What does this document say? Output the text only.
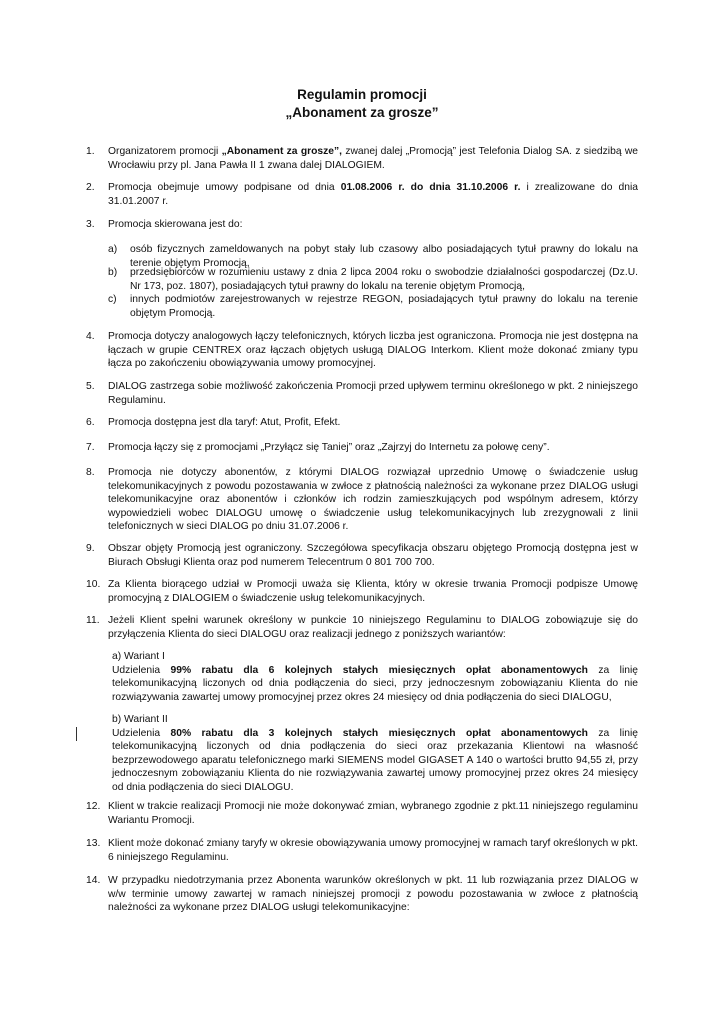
Regulamin promocji
„Abonament za grosze”
1. Organizatorem promocji „Abonament za grosze”, zwanej dalej „Promocją” jest Telefonia Dialog SA. z siedzibą we Wrocławiu przy pl. Jana Pawła II 1 zwana dalej DIALOGIEM.
2. Promocja obejmuje umowy podpisane od dnia 01.08.2006 r. do dnia 31.10.2006 r. i zrealizowane do dnia 31.01.2007 r.
3. Promocja skierowana jest do:
a) osób fizycznych zameldowanych na pobyt stały lub czasowy albo posiadających tytuł prawny do lokalu na terenie objętym Promocją,
b) przedsiębiorców w rozumieniu ustawy z dnia 2 lipca 2004 roku o swobodzie działalności gospodarczej (Dz.U. Nr 173, poz. 1807), posiadających tytuł prawny do lokalu na terenie objętym Promocją,
c) innych podmiotów zarejestrowanych w rejestrze REGON, posiadających tytuł prawny do lokalu na terenie objętym Promocją.
4. Promocja dotyczy analogowych łączy telefonicznych, których liczba jest ograniczona. Promocja nie jest dostępna na łączach w grupie CENTREX oraz łączach objętych usługą DIALOG Interkom. Klient może dokonać zmiany typu łącza po zakończeniu obowiązywania umowy promocyjnej.
5. DIALOG zastrzega sobie możliwość zakończenia Promocji przed upływem terminu określonego w pkt. 2 niniejszego Regulaminu.
6. Promocja dostępna jest dla taryf: Atut, Profit, Efekt.
7. Promocja łączy się z promocjami „Przyłącz się Taniej” oraz „Zajrzyj do Internetu za połowę ceny”.
8. Promocja nie dotyczy abonentów, z którymi DIALOG rozwiązał uprzednio Umowę o świadczenie usług telekomunikacyjnych z powodu pozostawania w zwłoce z płatnością należności za wykonane przez DIALOG usługi telekomunikacyjne oraz abonentów i członków ich rodzin zamieszkujących pod wspólnym adresem, którzy wypowiedzieli wobec DIALOGU umowę o świadczenie usług telekomunikacyjnych lub zrezygnowali z linii telefonicznych w sieci DIALOG po dniu 31.07.2006 r.
9. Obszar objęty Promocją jest ograniczony. Szczegółowa specyfikacja obszaru objętego Promocją dostępna jest w Biurach Obsługi Klienta oraz pod numerem Telecentrum 0 801 700 700.
10. Za Klienta biorącego udział w Promocji uważa się Klienta, który w okresie trwania Promocji podpisze Umowę promocyjną z DIALOGIEM o świadczenie usług telekomunikacyjnych.
11. Jeżeli Klient spełni warunek określony w punkcie 10 niniejszego Regulaminu to DIALOG zobowiązuje się do przyłączenia Klienta do sieci DIALOGU oraz realizacji jednego z poniższych wariantów:
a) Wariant I
Udzielenia 99% rabatu dla 6 kolejnych stałych miesięcznych opłat abonamentowych za linię telekomunikacyjną liczonych od dnia podłączenia do sieci, przy jednoczesnym zobowiązaniu Klienta do nie rozwiązywania zawartej umowy promocyjnej przez okres 24 miesięcy od dnia podłączenia do sieci DIALOGU,
b) Wariant II
Udzielenia 80% rabatu dla 3 kolejnych stałych miesięcznych opłat abonamentowych za linię telekomunikacyjną liczonych od dnia podłączenia do sieci oraz przekazania Klientowi na własność bezprzewodowego aparatu telefonicznego marki SIEMENS model GIGASET A 140 o wartości brutto 94,55 zł, przy jednoczesnym zobowiązaniu Klienta do nie rozwiązywania zawartej umowy promocyjnej przez okres 24 miesięcy od dnia podłączenia do sieci DIALOGU.
12. Klient w trakcie realizacji Promocji nie może dokonywać zmian, wybranego zgodnie z pkt.11 niniejszego regulaminu Wariantu Promocji.
13. Klient może dokonać zmiany taryfy w okresie obowiązywania umowy promocyjnej w ramach taryf określonych w pkt. 6 niniejszego Regulaminu.
14. W przypadku niedotrzymania przez Abonenta warunków określonych w pkt. 11 lub rozwiązania przez DIALOG w w/w terminie umowy zawartej w ramach niniejszej promocji z powodu pozostawania w zwłoce z płatnością należności za wykonane przez DIALOG usługi telekomunikacyjne:
